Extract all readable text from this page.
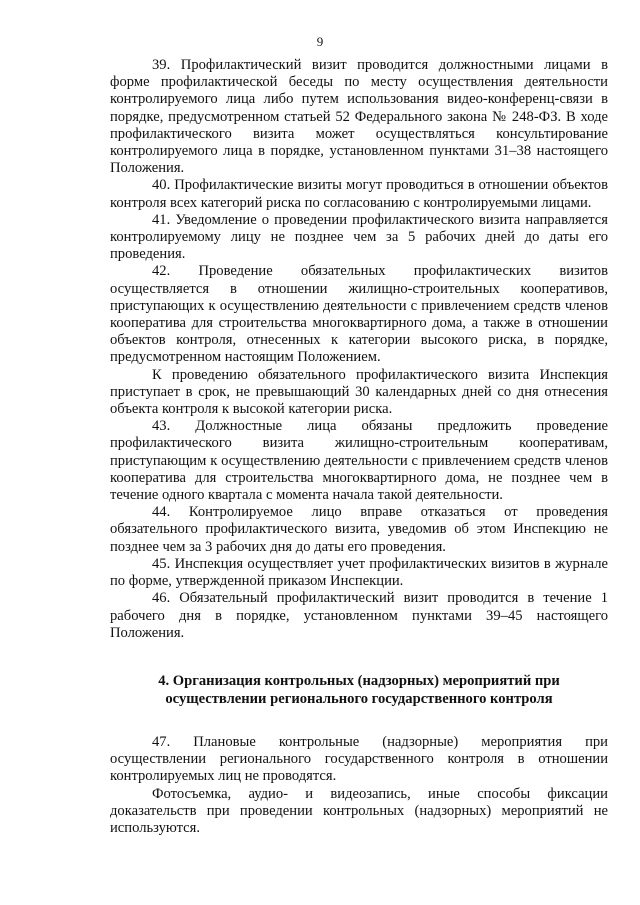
9

39. Профилактический визит проводится должностными лицами в форме профилактической беседы по месту осуществления деятельности контролируемого лица либо путем использования видео-конференц-связи в порядке, предусмотренном статьей 52 Федерального закона № 248-ФЗ. В ходе профилактического визита может осуществляться консультирование контролируемого лица в порядке, установленном пунктами 31–38 настоящего Положения.

40. Профилактические визиты могут проводиться в отношении объектов контроля всех категорий риска по согласованию с контролируемыми лицами.

41. Уведомление о проведении профилактического визита направляется контролируемому лицу не позднее чем за 5 рабочих дней до даты его проведения.

42. Проведение обязательных профилактических визитов осуществляется в отношении жилищно-строительных кооперативов, приступающих к осуществлению деятельности с привлечением средств членов кооператива для строительства многоквартирного дома, а также в отношении объектов контроля, отнесенных к категории высокого риска, в порядке, предусмотренном настоящим Положением.

К проведению обязательного профилактического визита Инспекция приступает в срок, не превышающий 30 календарных дней со дня отнесения объекта контроля к высокой категории риска.

43. Должностные лица обязаны предложить проведение профилактического визита жилищно-строительным кооперативам, приступающим к осуществлению деятельности с привлечением средств членов кооператива для строительства многоквартирного дома, не позднее чем в течение одного квартала с момента начала такой деятельности.

44. Контролируемое лицо вправе отказаться от проведения обязательного профилактического визита, уведомив об этом Инспекцию не позднее чем за 3 рабочих дня до даты его проведения.

45. Инспекция осуществляет учет профилактических визитов в журнале по форме, утвержденной приказом Инспекции.

46. Обязательный профилактический визит проводится в течение 1 рабочего дня в порядке, установленном пунктами 39–45 настоящего Положения.

4. Организация контрольных (надзорных) мероприятий при
осуществлении регионального государственного контроля

47. Плановые контрольные (надзорные) мероприятия при осуществлении регионального государственного контроля в отношении контролируемых лиц не проводятся.

Фотосъемка, аудио- и видеозапись, иные способы фиксации доказательств при проведении контрольных (надзорных) мероприятий не используются.
